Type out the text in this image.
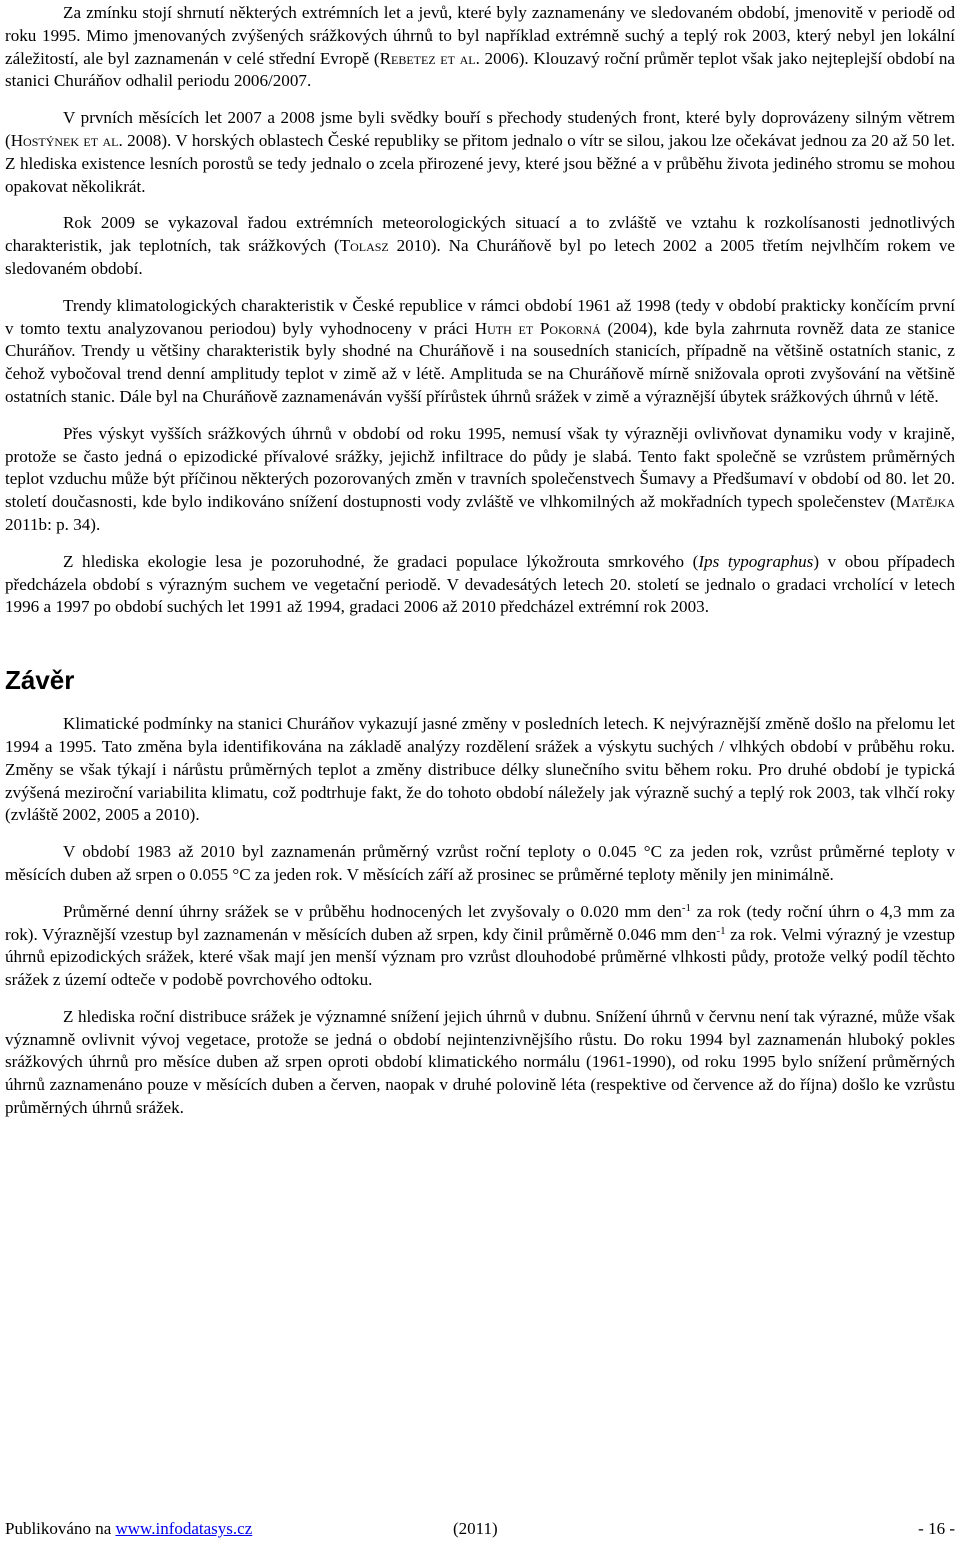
Za zmínku stojí shrnutí některých extrémních let a jevů, které byly zaznamenány ve sledovaném období, jmenovitě v periodě od roku 1995. Mimo jmenovaných zvýšených srážkových úhrnů to byl například extrémně suchý a teplý rok 2003, který nebyl jen lokální záležitostí, ale byl zaznamenán v celé střední Evropě (Rebetez et al. 2006). Klouzavý roční průměr teplot však jako nejteplejší období na stanici Churáňov odhalil periodu 2006/2007.

V prvních měsících let 2007 a 2008 jsme byli svědky bouří s přechody studených front, které byly doprovázeny silným větrem (Hostýnek et al. 2008). V horských oblastech České republiky se přitom jednalo o vítr se silou, jakou lze očekávat jednou za 20 až 50 let. Z hlediska existence lesních porostů se tedy jednalo o zcela přirozené jevy, které jsou běžné a v průběhu života jediného stromu se mohou opakovat několikrát.

Rok 2009 se vykazoval řadou extrémních meteorologických situací a to zvláště ve vztahu k rozkolísanosti jednotlivých charakteristik, jak teplotních, tak srážkových (Tolasz 2010). Na Churáňově byl po letech 2002 a 2005 třetím nejvlhčím rokem ve sledovaném období.

Trendy klimatologických charakteristik v České republice v rámci období 1961 až 1998 (tedy v období prakticky končícím první v tomto textu analyzovanou periodou) byly vyhodnoceny v práci Huth et Pokorná (2004), kde byla zahrnuta rovněž data ze stanice Churáňov. Trendy u většiny charakteristik byly shodné na Churáňově i na sousedních stanicích, případně na většině ostatních stanic, z čehož vybočoval trend denní amplitudy teplot v zimě až v létě. Amplituda se na Churáňově mírně snižovala oproti zvyšování na většině ostatních stanic. Dále byl na Churáňově zaznamenáván vyšší přírůstek úhrnů srážek v zimě a výraznější úbytek srážkových úhrnů v létě.

Přes výskyt vyšších srážkových úhrnů v období od roku 1995, nemusí však ty výrazněji ovlivňovat dynamiku vody v krajině, protože se často jedná o epizodické přívalové srážky, jejichž infiltrace do půdy je slabá. Tento fakt společně se vzrůstem průměrných teplot vzduchu může být příčinou některých pozorovaných změn v travních společenstvech Šumavy a Předšumaví v období od 80. let 20. století doučasnosti, kde bylo indikováno snížení dostupnosti vody zvláště ve vlhkomilných až mokřadních typech společenstev (Matějka 2011b: p. 34).

Z hlediska ekologie lesa je pozoruhodné, že gradaci populace lýkožrouta smrkového (Ips typographus) v obou případech předcházela období s výrazným suchem ve vegetační periodě. V devadesátých letech 20. století se jednalo o gradaci vrcholící v letech 1996 a 1997 po období suchých let 1991 až 1994, gradaci 2006 až 2010 předcházel extrémní rok 2003.

Závěr

Klimatické podmínky na stanici Churáňov vykazují jasné změny v posledních letech. K nejvýraznější změně došlo na přelomu let 1994 a 1995. Tato změna byla identifikována na základě analýzy rozdělení srážek a výskytu suchých / vlhkých období v průběhu roku. Změny se však týkají i nárůstu průměrných teplot a změny distribuce délky slunečního svitu během roku. Pro druhé období je typická zvýšená meziroční variabilita klimatu, což podtrhuje fakt, že do tohoto období náležely jak výrazně suchý a teplý rok 2003, tak vlhčí roky (zvláště 2002, 2005 a 2010).

V období 1983 až 2010 byl zaznamenán průměrný vzrůst roční teploty o 0.045 °C za jeden rok, vzrůst průměrné teploty v měsících duben až srpen o 0.055 °C za jeden rok. V měsících září až prosinec se průměrné teploty měnily jen minimálně.

Průměrné denní úhrny srážek se v průběhu hodnocených let zvyšovaly o 0.020 mm den$^{-1}$ za rok (tedy roční úhrn o 4,3 mm za rok). Výraznější vzestup byl zaznamenán v měsících duben až srpen, kdy činil průměrně 0.046 mm den$^{-1}$ za rok. Velmi výrazný je vzestup úhrnů epizodických srážek, které však mají jen menší význam pro vzrůst dlouhodobé průměrné vlhkosti půdy, protože velký podíl těchto srážek z území odteče v podobě povrchového odtoku.

Z hlediska roční distribuce srážek je významné snížení jejich úhrnů v dubnu. Snížení úhrnů v červnu není tak výrazné, může však významně ovlivnit vývoj vegetace, protože se jedná o období nejintenzivnějšího růstu. Do roku 1994 byl zaznamenán hluboký pokles srážkových úhrnů pro měsíce duben až srpen oproti období klimatického normálu (1961-1990), od roku 1995 bylo snížení průměrných úhrnů zaznamenáno pouze v měsících duben a červen, naopak v druhé polovině léta (respektive od července až do října) došlo ke vzrůstu průměrných úhrnů srážek.

Publikováno na www.infodatasys.cz	(2011)	- 16 -
